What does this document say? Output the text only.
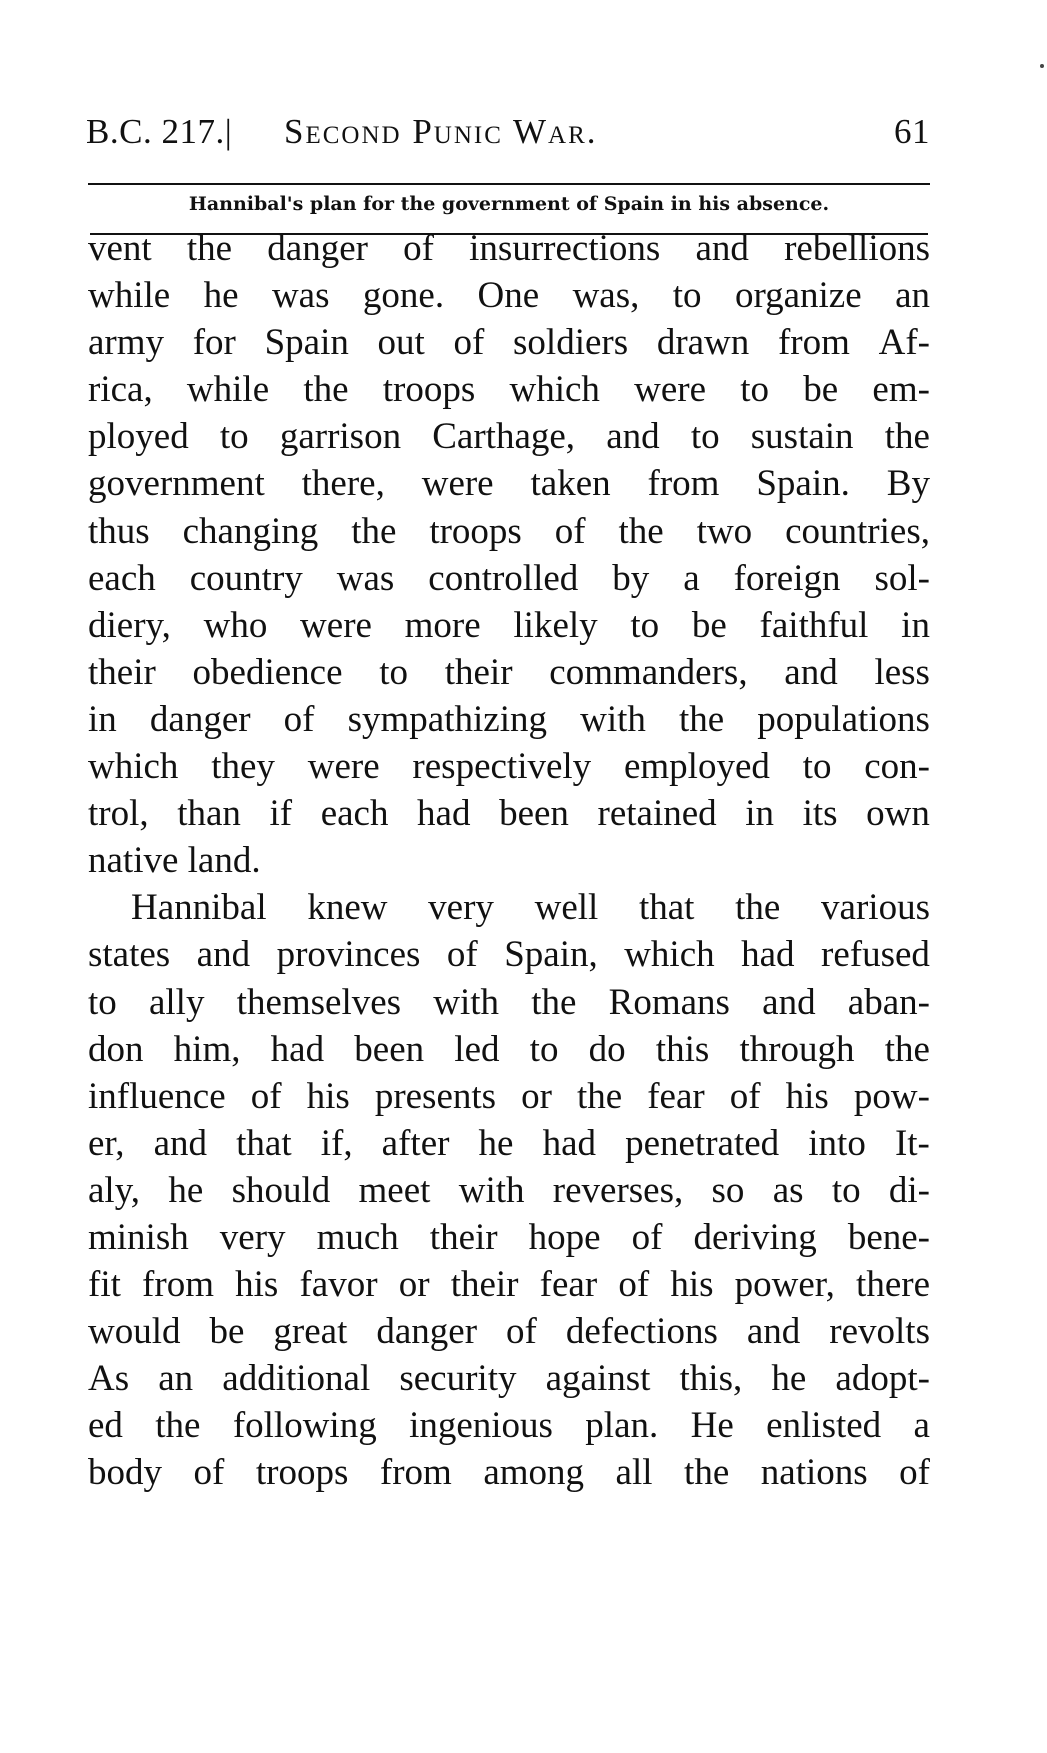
B.C. 217.| Second Punic War.	61
Hannibal's plan for the government of Spain in his absence.
vent the danger of insurrections and rebellions
while he was gone. One was, to organize an
army for Spain out of soldiers drawn from Af-
rica, while the troops which were to be em-
ployed to garrison Carthage, and to sustain the
government there, were taken from Spain. By
thus changing the troops of the two countries,
each country was controlled by a foreign sol-
diery, who were more likely to be faithful in
their obedience to their commanders, and less
in danger of sympathizing with the populations
which they were respectively employed to con-
trol, than if each had been retained in its own
native land.
Hannibal knew very well that the various
states and provinces of Spain, which had refused
to ally themselves with the Romans and aban-
don him, had been led to do this through the
influence of his presents or the fear of his pow-
er, and that if, after he had penetrated into It-
aly, he should meet with reverses, so as to di-
minish very much their hope of deriving bene-
fit from his favor or their fear of his power, there
would be great danger of defections and revolts
As an additional security against this, he adopt-
ed the following ingenious plan. He enlisted a
body of troops from among all the nations of
